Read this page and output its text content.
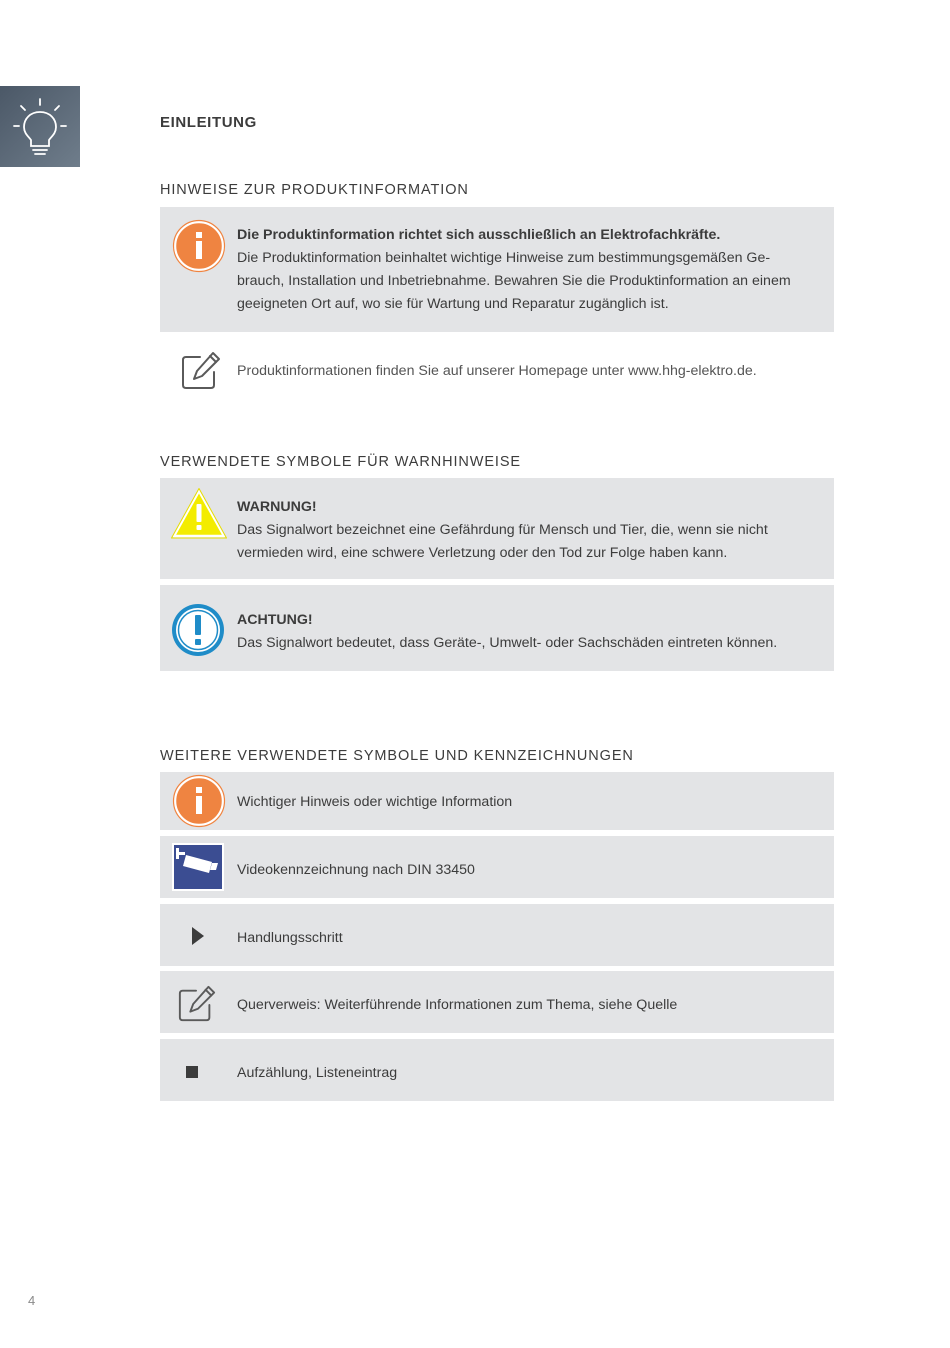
EINLEITUNG
HINWEISE ZUR PRODUKTINFORMATION
Die Produktinformation richtet sich ausschließlich an Elektrofachkräfte.
Die Produktinformation beinhaltet wichtige Hinweise zum bestimmungsgemäßen Ge-brauch, Installation und Inbetriebnahme. Bewahren Sie die Produktinformation an einem geeigneten Ort auf, wo sie für Wartung und Reparatur zugänglich ist.
Produktinformationen finden Sie auf unserer Homepage unter www.hhg-elektro.de.
VERWENDETE SYMBOLE FÜR WARNHINWEISE
WARNUNG!
Das Signalwort bezeichnet eine Gefährdung für Mensch und Tier, die, wenn sie nicht vermieden wird, eine schwere Verletzung oder den Tod zur Folge haben kann.
ACHTUNG!
Das Signalwort bedeutet, dass Geräte-, Umwelt- oder Sachschäden eintreten können.
WEITERE VERWENDETE SYMBOLE UND KENNZEICHNUNGEN
Wichtiger Hinweis oder wichtige Information
Videokennzeichnung nach DIN 33450
Handlungsschritt
Querverweis: Weiterführende Informationen zum Thema, siehe Quelle
Aufzählung, Listeneintrag
4
